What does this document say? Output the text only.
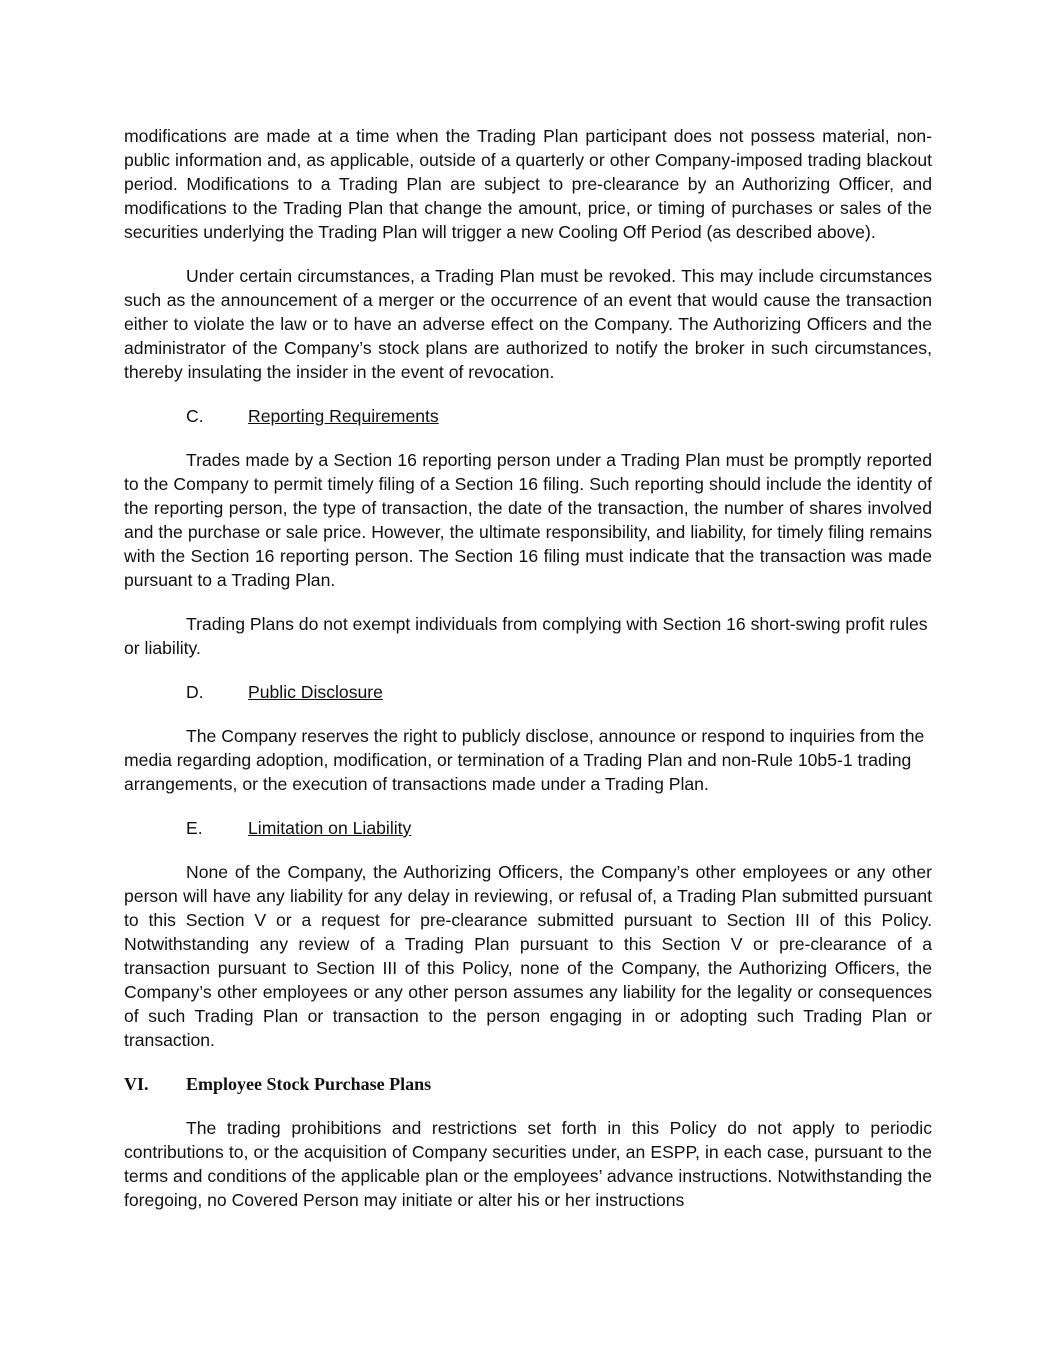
modifications are made at a time when the Trading Plan participant does not possess material, non-public information and, as applicable, outside of a quarterly or other Company-imposed trading blackout period. Modifications to a Trading Plan are subject to pre-clearance by an Authorizing Officer, and modifications to the Trading Plan that change the amount, price, or timing of purchases or sales of the securities underlying the Trading Plan will trigger a new Cooling Off Period (as described above).

Under certain circumstances, a Trading Plan must be revoked. This may include circumstances such as the announcement of a merger or the occurrence of an event that would cause the transaction either to violate the law or to have an adverse effect on the Company. The Authorizing Officers and the administrator of the Company’s stock plans are authorized to notify the broker in such circumstances, thereby insulating the insider in the event of revocation.

C.	Reporting Requirements

Trades made by a Section 16 reporting person under a Trading Plan must be promptly reported to the Company to permit timely filing of a Section 16 filing. Such reporting should include the identity of the reporting person, the type of transaction, the date of the transaction, the number of shares involved and the purchase or sale price. However, the ultimate responsibility, and liability, for timely filing remains with the Section 16 reporting person. The Section 16 filing must indicate that the transaction was made pursuant to a Trading Plan.

Trading Plans do not exempt individuals from complying with Section 16 short-swing profit rules or liability.

D.	Public Disclosure

The Company reserves the right to publicly disclose, announce or respond to inquiries from the media regarding adoption, modification, or termination of a Trading Plan and non-Rule 10b5-1 trading arrangements, or the execution of transactions made under a Trading Plan.

E.	Limitation on Liability

None of the Company, the Authorizing Officers, the Company’s other employees or any other person will have any liability for any delay in reviewing, or refusal of, a Trading Plan submitted pursuant to this Section V or a request for pre-clearance submitted pursuant to Section III of this Policy. Notwithstanding any review of a Trading Plan pursuant to this Section V or pre-clearance of a transaction pursuant to Section III of this Policy, none of the Company, the Authorizing Officers, the Company’s other employees or any other person assumes any liability for the legality or consequences of such Trading Plan or transaction to the person engaging in or adopting such Trading Plan or transaction.

VI.	Employee Stock Purchase Plans

The trading prohibitions and restrictions set forth in this Policy do not apply to periodic contributions to, or the acquisition of Company securities under, an ESPP, in each case, pursuant to the terms and conditions of the applicable plan or the employees’ advance instructions. Notwithstanding the foregoing, no Covered Person may initiate or alter his or her instructions
